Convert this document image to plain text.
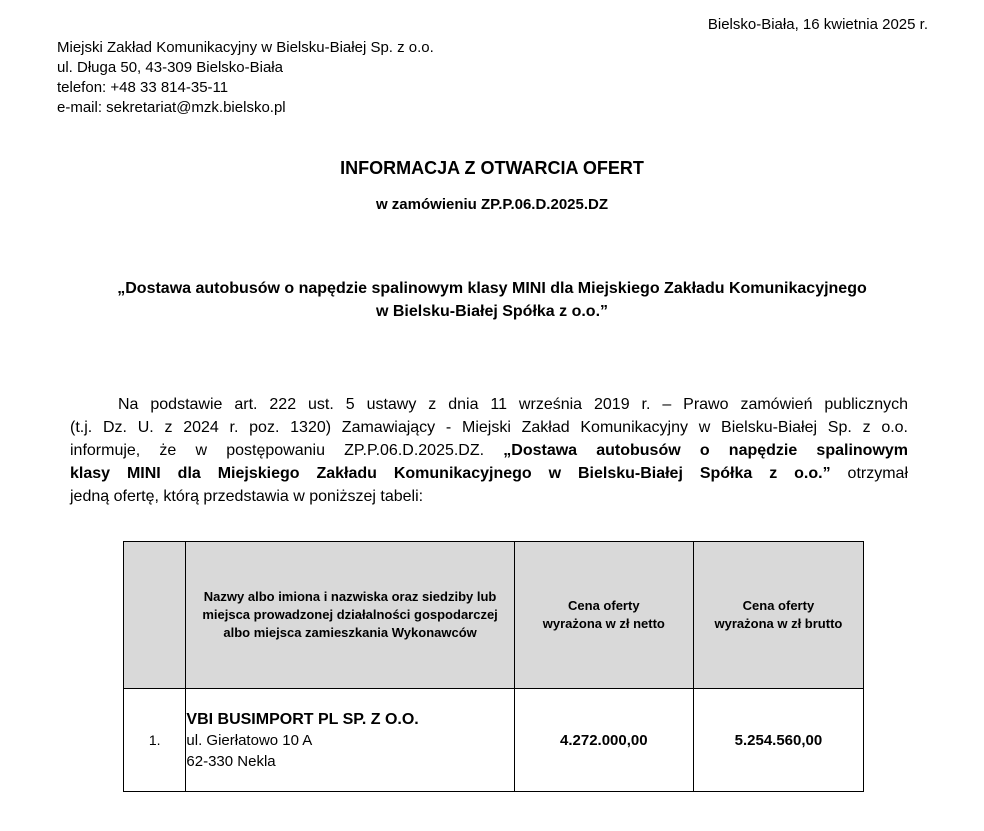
Bielsko-Biała, 16 kwietnia 2025 r.
Miejski Zakład Komunikacyjny w Bielsku-Białej Sp. z o.o.
ul. Długa 50, 43-309 Bielsko-Biała
telefon: +48 33 814-35-11
e-mail: sekretariat@mzk.bielsko.pl
INFORMACJA Z OTWARCIA OFERT
w zamówieniu ZP.P.06.D.2025.DZ
„Dostawa autobusów o napędzie spalinowym klasy MINI dla Miejskiego Zakładu Komunikacyjnego
w Bielsku-Białej Spółka z o.o.”
Na podstawie art. 222 ust. 5 ustawy z dnia 11 września 2019 r. – Prawo zamówień publicznych
(t.j. Dz. U. z 2024 r. poz. 1320) Zamawiający - Miejski Zakład Komunikacyjny w Bielsku-Białej Sp. z o.o.
informuje, że w postępowaniu ZP.P.06.D.2025.DZ. „Dostawa autobusów o napędzie spalinowym
klasy MINI dla Miejskiego Zakładu Komunikacyjnego w Bielsku-Białej Spółka z o.o.” otrzymał
jedną ofertę, którą przedstawia w poniższej tabeli:

	Nazwy albo imiona i nazwiska oraz siedziby lub miejsca prowadzonej działalności gospodarczej albo miejsca zamieszkania Wykonawców	Cena oferty wyrażona w zł netto	Cena oferty wyrażona w zł brutto

1.	VBI BUSIMPORT PL SP. Z O.O.
ul. Gierłatowo 10 A
62-330 Nekla	4.272.000,00	5.254.560,00
